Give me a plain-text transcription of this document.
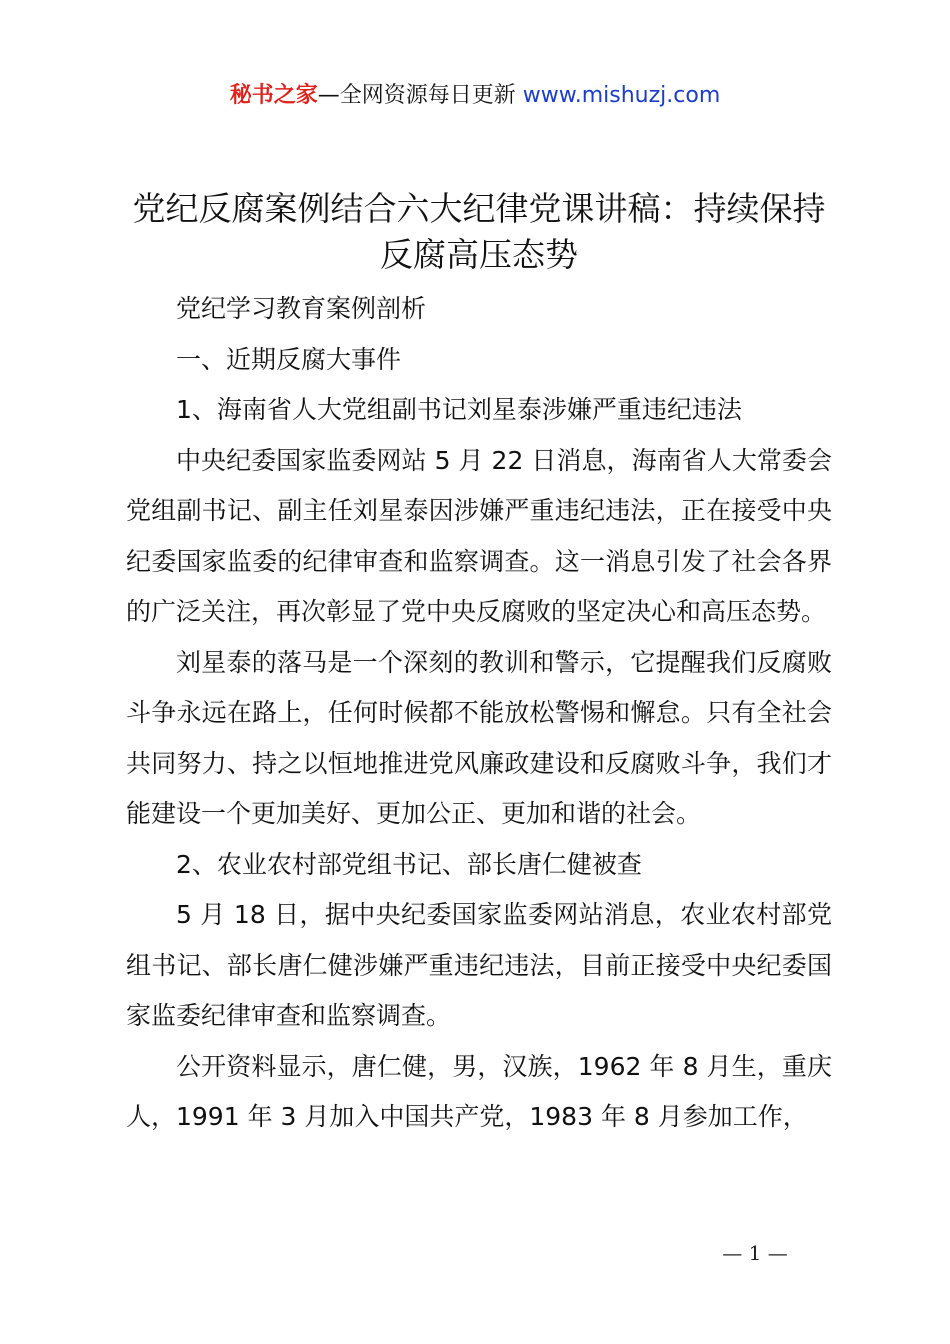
秘书之家—全网资源每日更新 www.mishuzj.com
党纪反腐案例结合六大纪律党课讲稿：持续保持反腐高压态势

党纪学习教育案例剖析

一、近期反腐大事件

1、海南省人大党组副书记刘星泰涉嫌严重违纪违法

中央纪委国家监委网站 5 月 22 日消息，海南省人大常委会党组副书记、副主任刘星泰因涉嫌严重违纪违法，正在接受中央纪委国家监委的纪律审查和监察调查。这一消息引发了社会各界的广泛关注，再次彰显了党中央反腐败的坚定决心和高压态势。

刘星泰的落马是一个深刻的教训和警示，它提醒我们反腐败斗争永远在路上，任何时候都不能放松警惕和懈怠。只有全社会共同努力、持之以恒地推进党风廉政建设和反腐败斗争，我们才能建设一个更加美好、更加公正、更加和谐的社会。

2、农业农村部党组书记、部长唐仁健被查

5 月 18 日，据中央纪委国家监委网站消息，农业农村部党组书记、部长唐仁健涉嫌严重违纪违法，目前正接受中央纪委国家监委纪律审查和监察调查。

公开资料显示，唐仁健，男，汉族，1962 年 8 月生，重庆人，1991 年 3 月加入中国共产党，1983 年 8 月参加工作，

— 1 —
